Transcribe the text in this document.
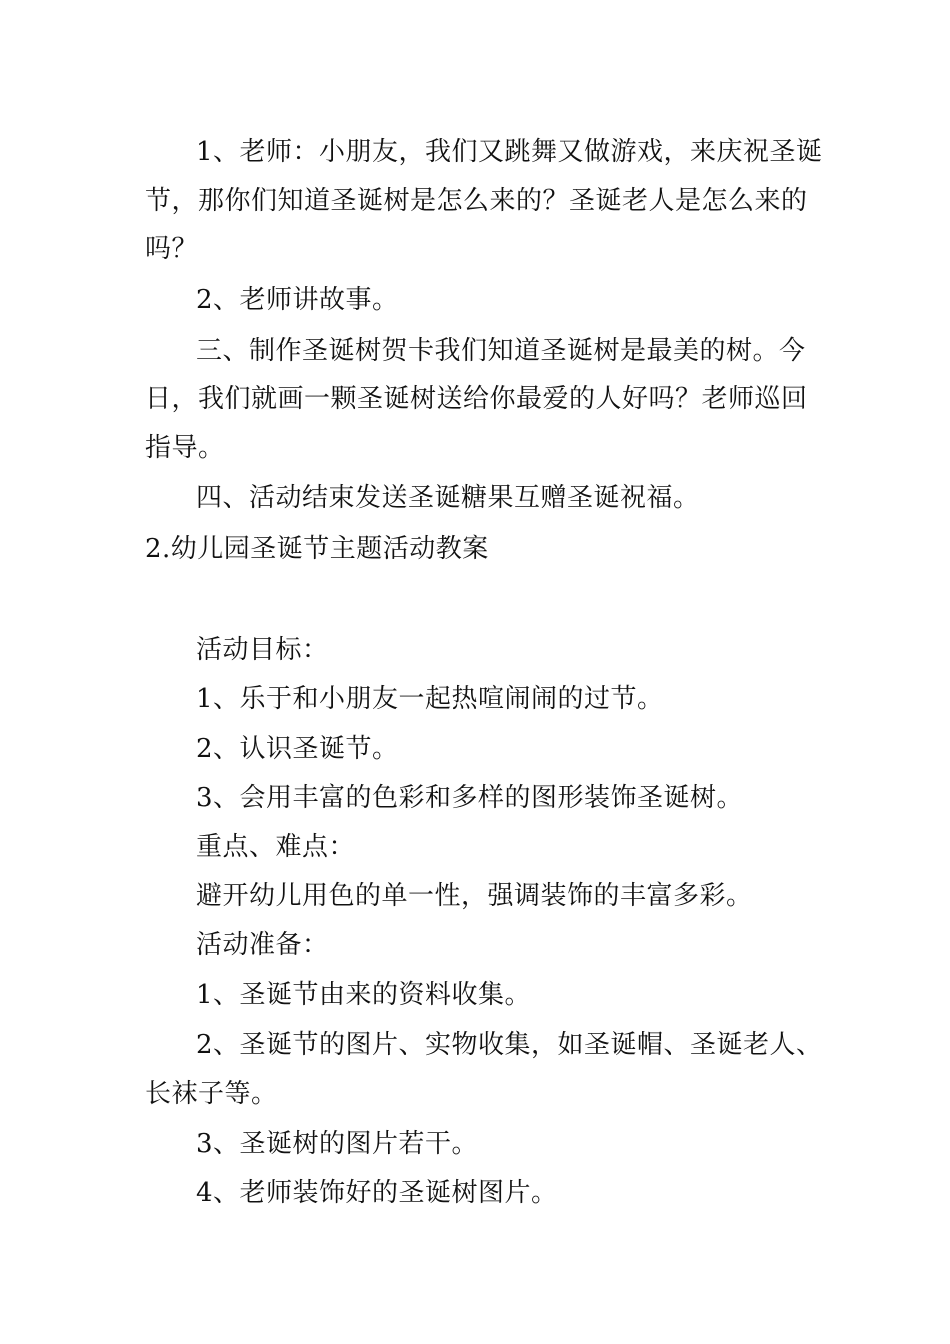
1、老师：小朋友，我们又跳舞又做游戏，来庆祝圣诞
节，那你们知道圣诞树是怎么来的？圣诞老人是怎么来的
吗？
2、老师讲故事。
三、制作圣诞树贺卡我们知道圣诞树是最美的树。今
日，我们就画一颗圣诞树送给你最爱的人好吗？老师巡回
指导。
四、活动结束发送圣诞糖果互赠圣诞祝福。
2.幼儿园圣诞节主题活动教案
活动目标：
1、乐于和小朋友一起热喧闹闹的过节。
2、认识圣诞节。
3、会用丰富的色彩和多样的图形装饰圣诞树。
重点、难点：
避开幼儿用色的单一性，强调装饰的丰富多彩。
活动准备：
1、圣诞节由来的资料收集。
2、圣诞节的图片、实物收集，如圣诞帽、圣诞老人、
长袜子等。
3、圣诞树的图片若干。
4、老师装饰好的圣诞树图片。
